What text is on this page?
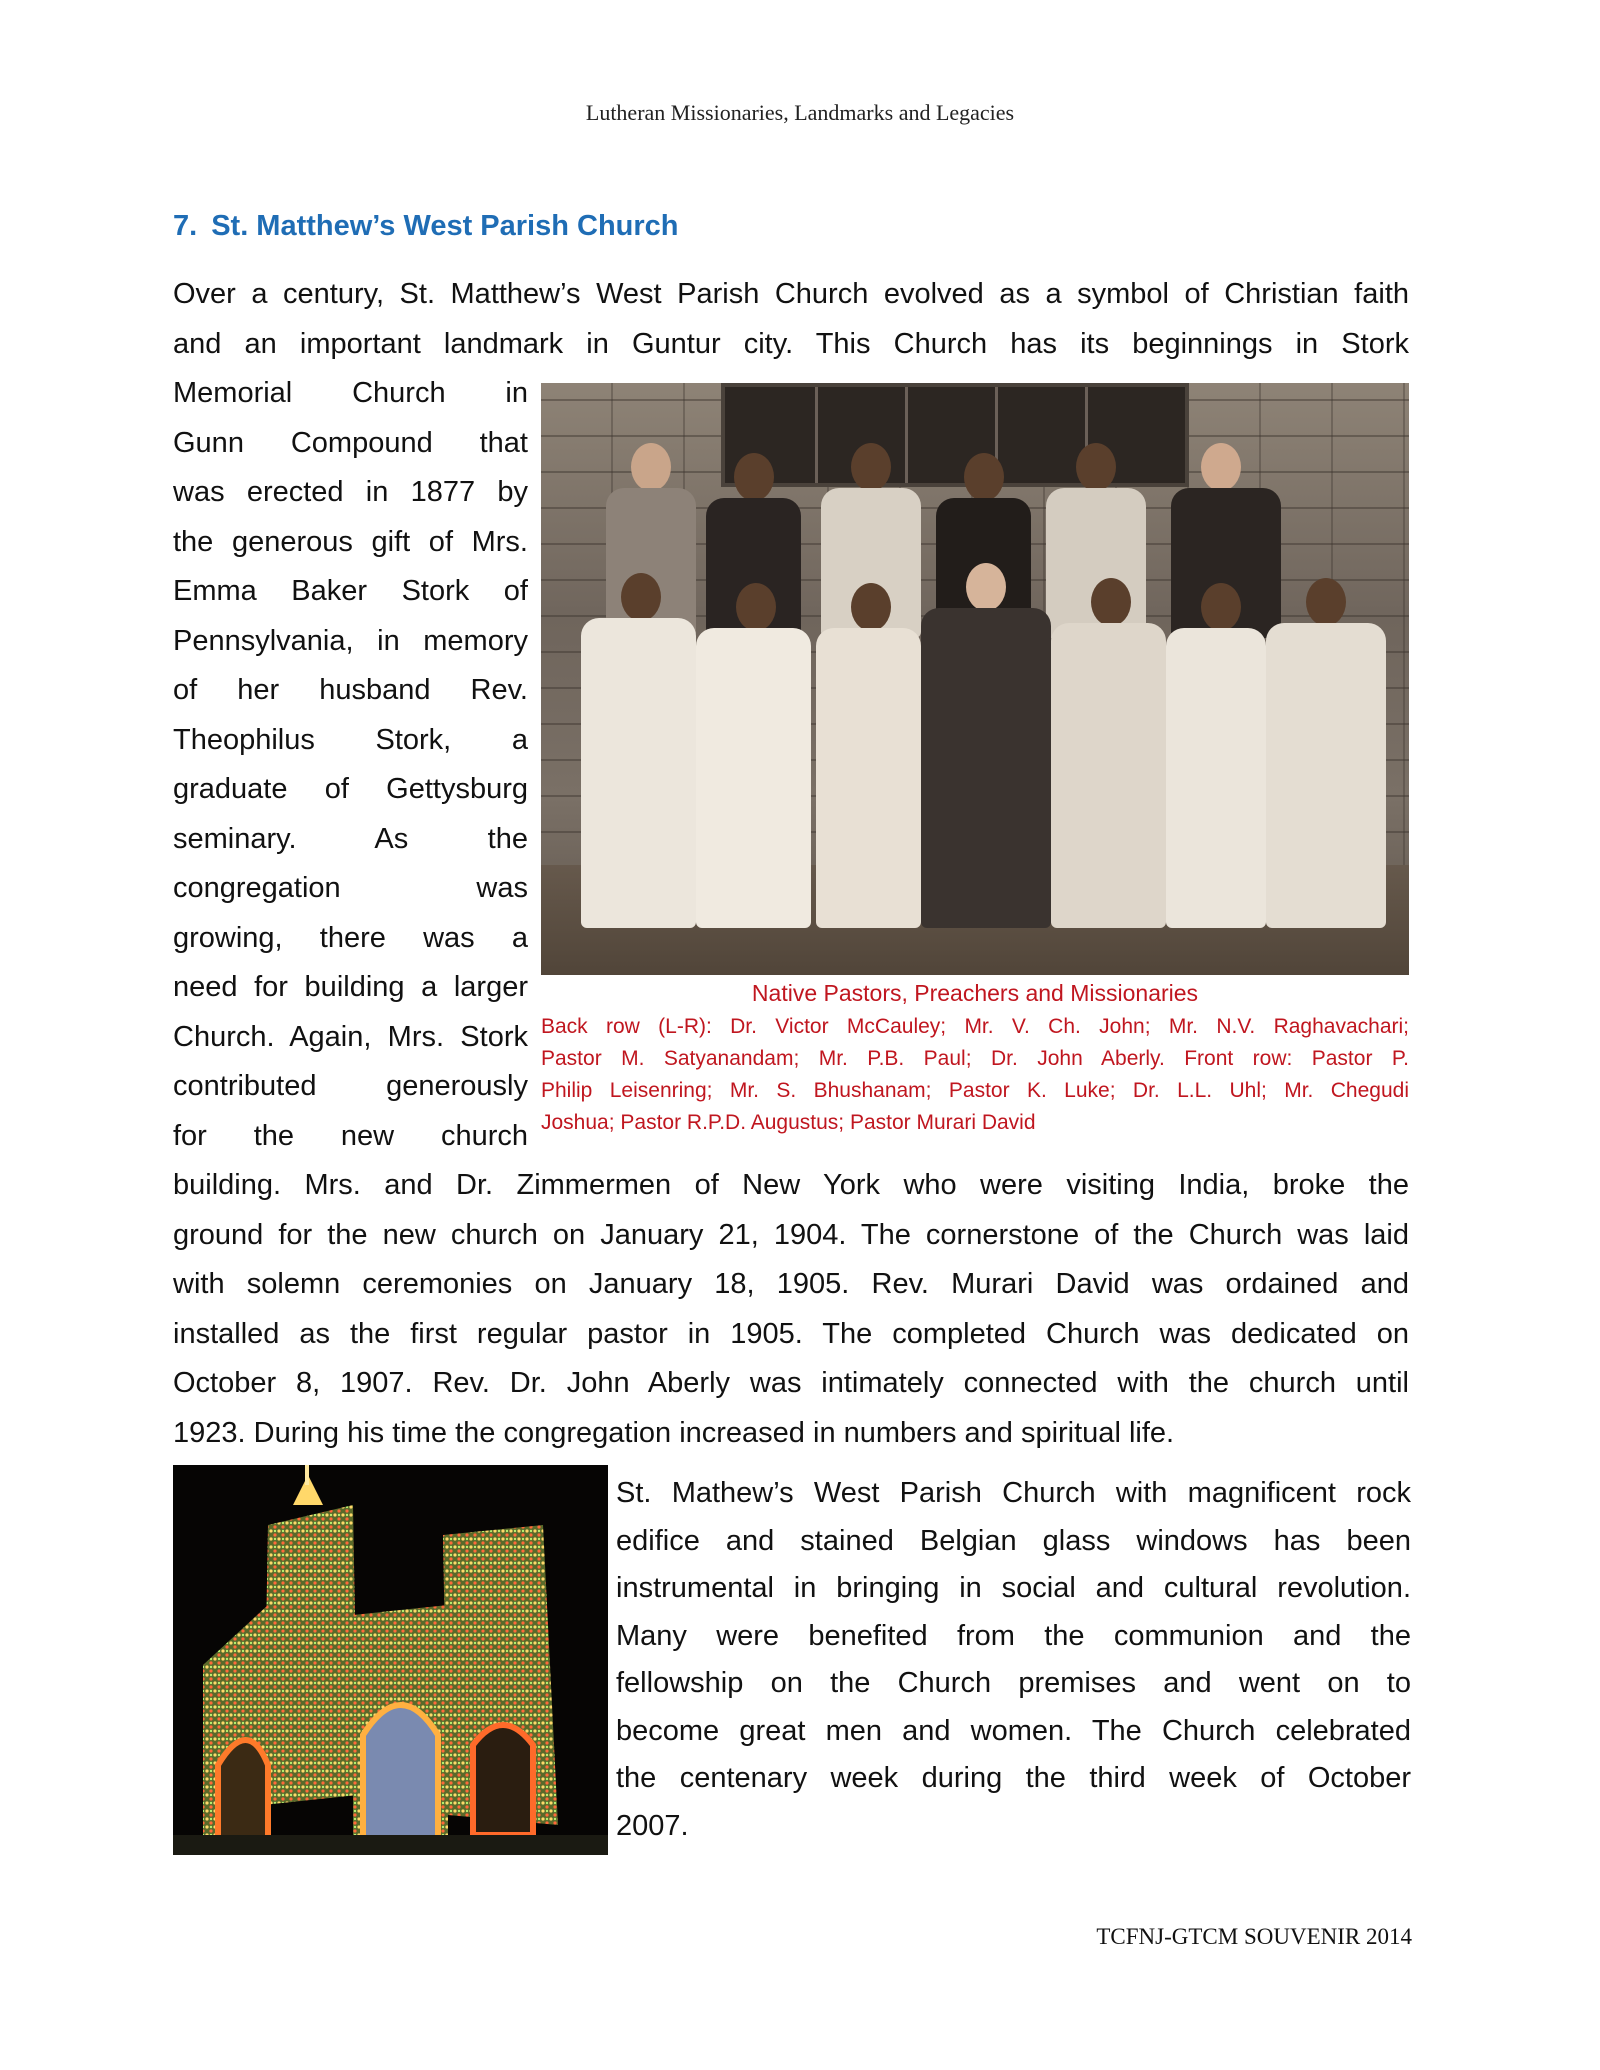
Lutheran Missionaries, Landmarks and Legacies
7. St. Matthew’s West Parish Church
Over a century, St. Matthew’s West Parish Church evolved as a symbol of Christian faith
and an important landmark in Guntur city. This Church has its beginnings in Stork
Memorial Church in
Gunn Compound that
was erected in 1877 by
the generous gift of Mrs.
Emma Baker Stork of
Pennsylvania, in memory
of her husband Rev.
Theophilus Stork, a
graduate of Gettysburg
seminary. As the
congregation was
growing, there was a
need for building a larger
Church. Again, Mrs. Stork
contributed generously
for the new church
Native Pastors, Preachers and Missionaries
Back row (L-R): Dr. Victor McCauley; Mr. V. Ch. John; Mr. N.V. Raghavachari;
Pastor M. Satyanandam; Mr. P.B. Paul; Dr. John Aberly. Front row: Pastor P.
Philip Leisenring; Mr. S. Bhushanam; Pastor K. Luke; Dr. L.L. Uhl; Mr. Chegudi
Joshua; Pastor R.P.D. Augustus; Pastor Murari David
building. Mrs. and Dr. Zimmermen of New York who were visiting India, broke the
ground for the new church on January 21, 1904. The cornerstone of the Church was laid
with solemn ceremonies on January 18, 1905. Rev. Murari David was ordained and
installed as the first regular pastor in 1905. The completed Church was dedicated on
October 8, 1907. Rev. Dr. John Aberly was intimately connected with the church until
1923. During his time the congregation increased in numbers and spiritual life.
St. Mathew’s West Parish Church with magnificent rock
edifice and stained Belgian glass windows has been
instrumental in bringing in social and cultural revolution.
Many were benefited from the communion and the
fellowship on the Church premises and went on to
become great men and women. The Church celebrated
the centenary week during the third week of October
2007.
TCFNJ-GTCM SOUVENIR 2014
